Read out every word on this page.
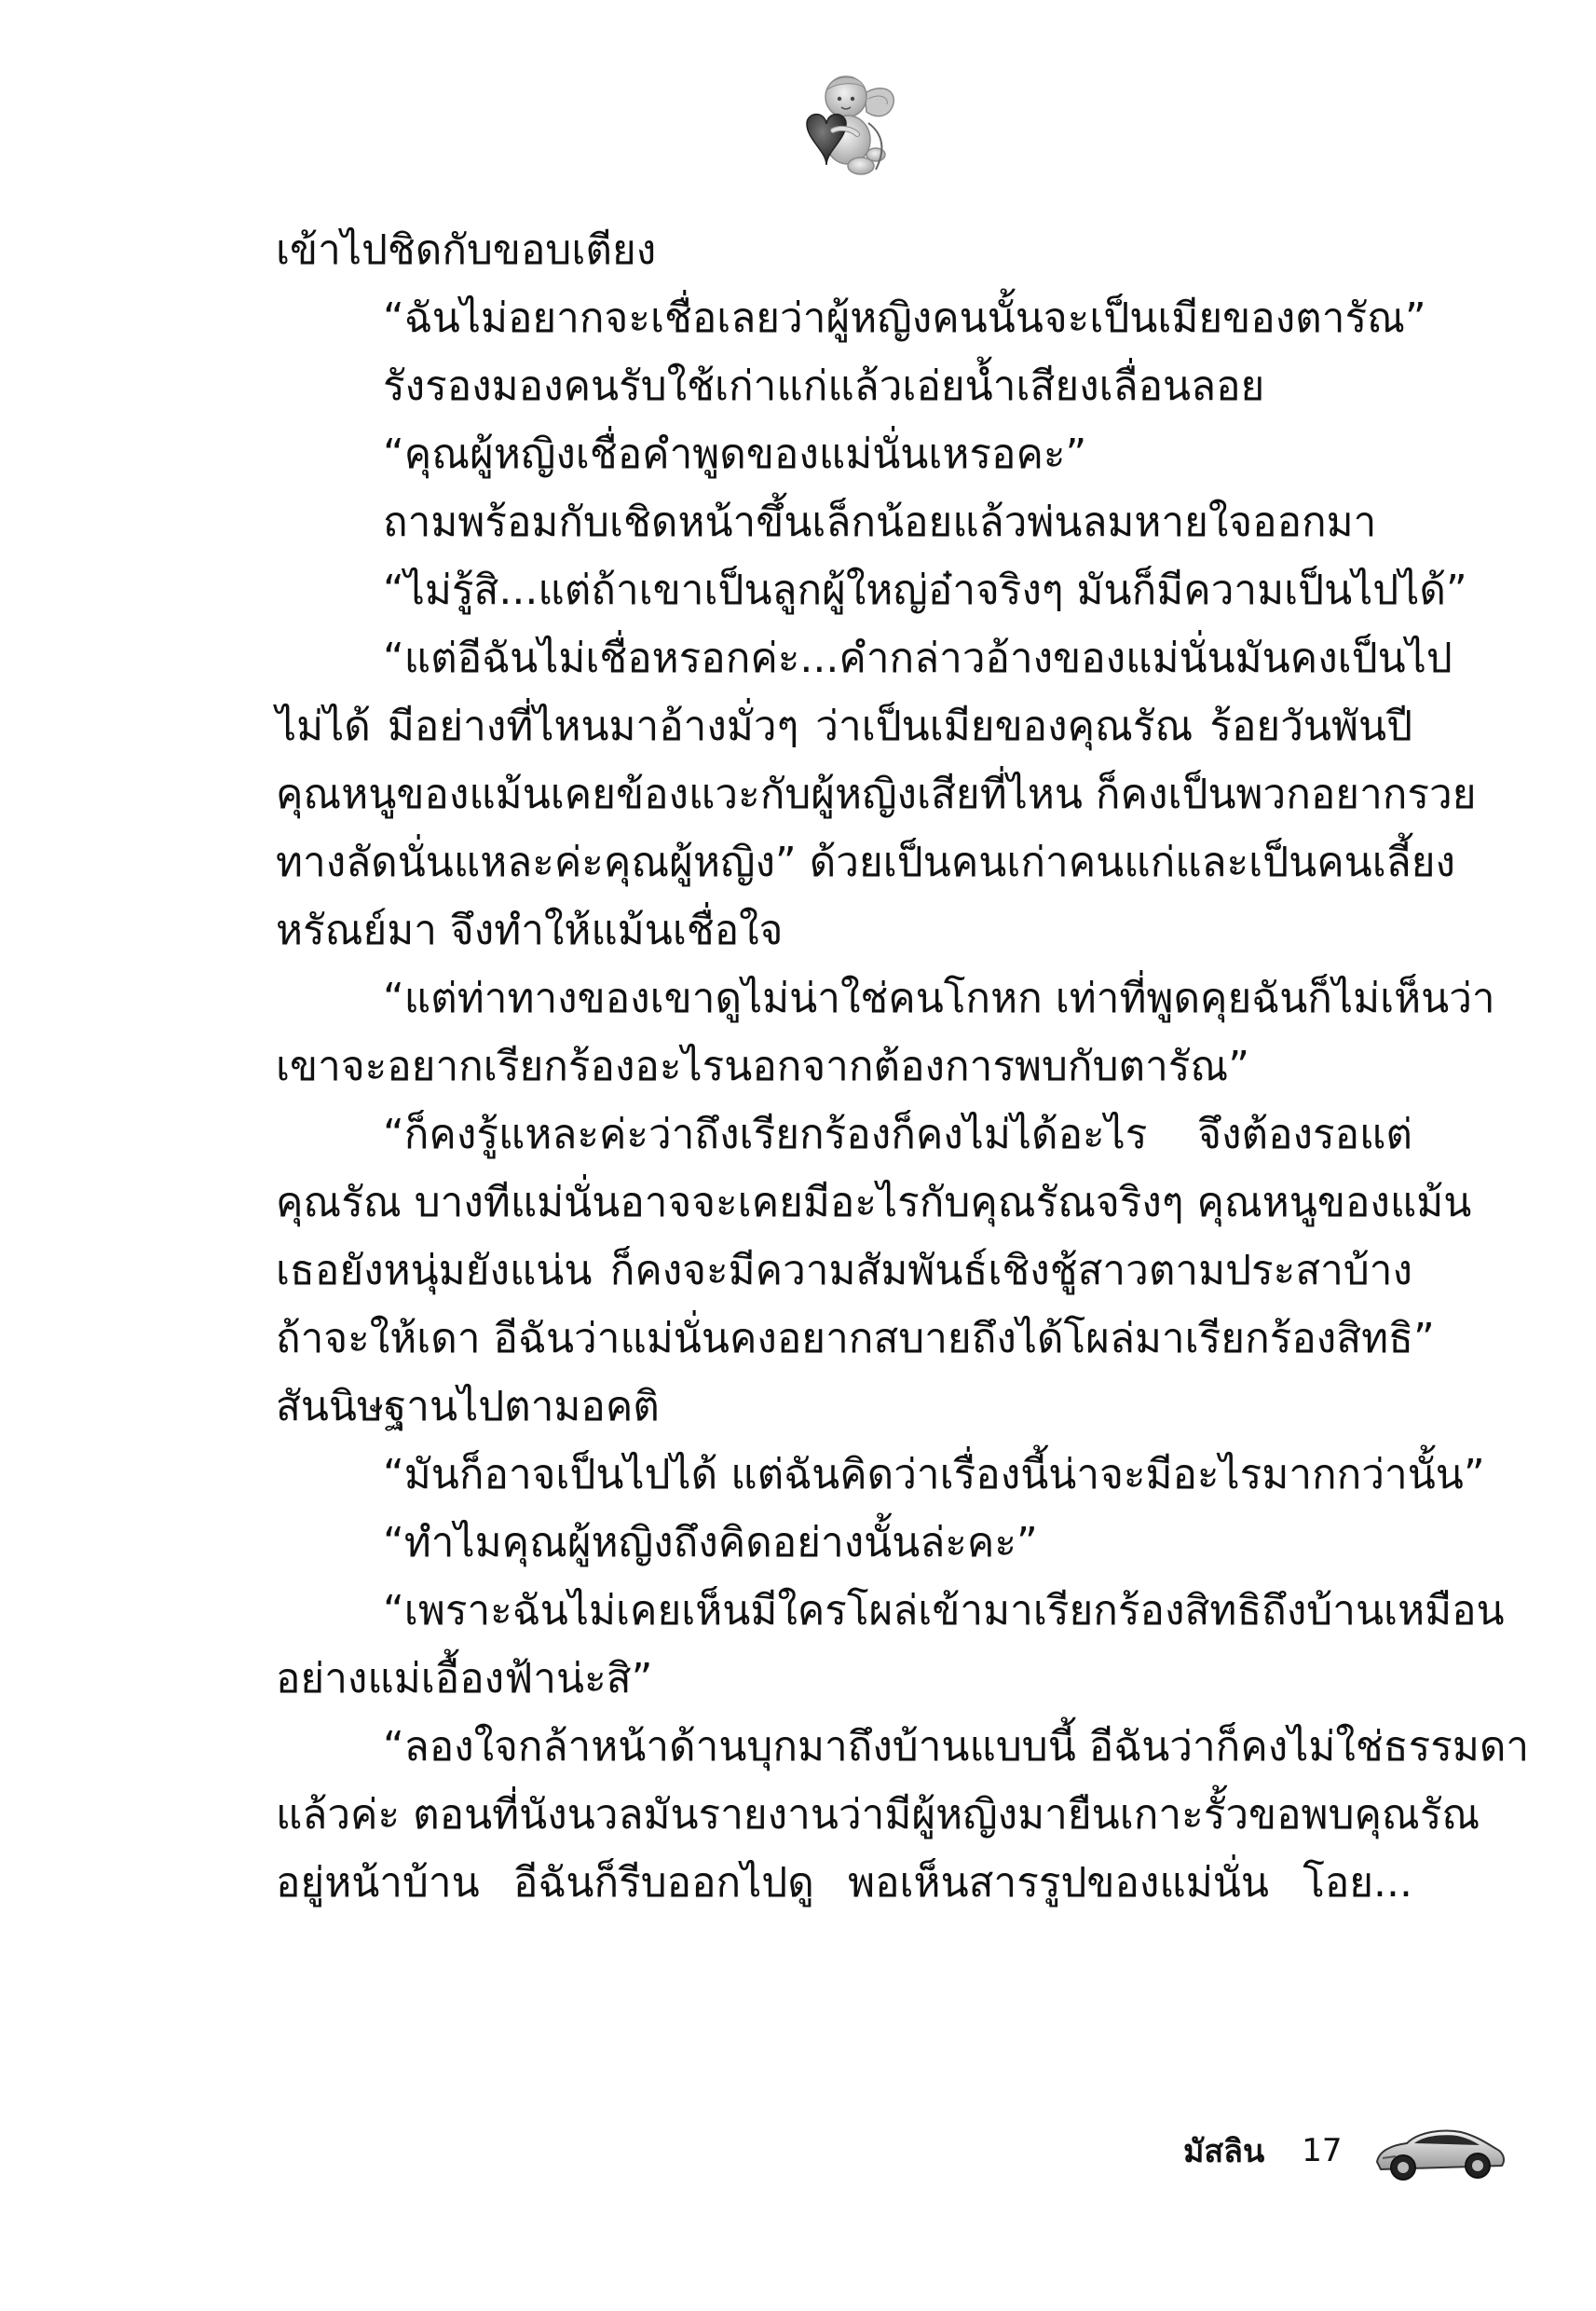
เข้าไปชิดกับขอบเตียง
“ฉันไม่อยากจะเชื่อเลยว่าผู้หญิงคนนั้นจะเป็นเมียของตารัณ”
รังรองมองคนรับใช้เก่าแก่แล้วเอ่ยน้ำเสียงเลื่อนลอย
“คุณผู้หญิงเชื่อคำพูดของแม่นั่นเหรอคะ”
ถามพร้อมกับเชิดหน้าขึ้นเล็กน้อยแล้วพ่นลมหายใจออกมา
“ไม่รู้สิ...แต่ถ้าเขาเป็นลูกผู้ใหญ่อ๋าจริงๆ มันก็มีความเป็นไปได้”
“แต่อีฉันไม่เชื่อหรอกค่ะ...คำกล่าวอ้างของแม่นั่นมันคงเป็นไป
ไม่ได้ มีอย่างที่ไหนมาอ้างมั่วๆ ว่าเป็นเมียของคุณรัณ ร้อยวันพันปี
คุณหนูของแม้นเคยข้องแวะกับผู้หญิงเสียที่ไหน ก็คงเป็นพวกอยากรวย
ทางลัดนั่นแหละค่ะคุณผู้หญิง” ด้วยเป็นคนเก่าคนแก่และเป็นคนเลี้ยง
หรัณย์มา จึงทำให้แม้นเชื่อใจ
“แต่ท่าทางของเขาดูไม่น่าใช่คนโกหก เท่าที่พูดคุยฉันก็ไม่เห็นว่า
เขาจะอยากเรียกร้องอะไรนอกจากต้องการพบกับตารัณ”
“ก็คงรู้แหละค่ะว่าถึงเรียกร้องก็คงไม่ได้อะไร จึงต้องรอแต่
คุณรัณ บางทีแม่นั่นอาจจะเคยมีอะไรกับคุณรัณจริงๆ คุณหนูของแม้น
เธอยังหนุ่มยังแน่น ก็คงจะมีความสัมพันธ์เชิงชู้สาวตามประสาบ้าง
ถ้าจะให้เดา อีฉันว่าแม่นั่นคงอยากสบายถึงได้โผล่มาเรียกร้องสิทธิ”
สันนิษฐานไปตามอคติ
“มันก็อาจเป็นไปได้ แต่ฉันคิดว่าเรื่องนี้น่าจะมีอะไรมากกว่านั้น”
“ทำไมคุณผู้หญิงถึงคิดอย่างนั้นล่ะคะ”
“เพราะฉันไม่เคยเห็นมีใครโผล่เข้ามาเรียกร้องสิทธิถึงบ้านเหมือน
อย่างแม่เอื้องฟ้าน่ะสิ”
“ลองใจกล้าหน้าด้านบุกมาถึงบ้านแบบนี้ อีฉันว่าก็คงไม่ใช่ธรรมดา
แล้วค่ะ ตอนที่นังนวลมันรายงานว่ามีผู้หญิงมายืนเกาะรั้วขอพบคุณรัณ
อยู่หน้าบ้าน อีฉันก็รีบออกไปดู พอเห็นสารรูปของแม่นั่น โอย...
มัสลิน 17
